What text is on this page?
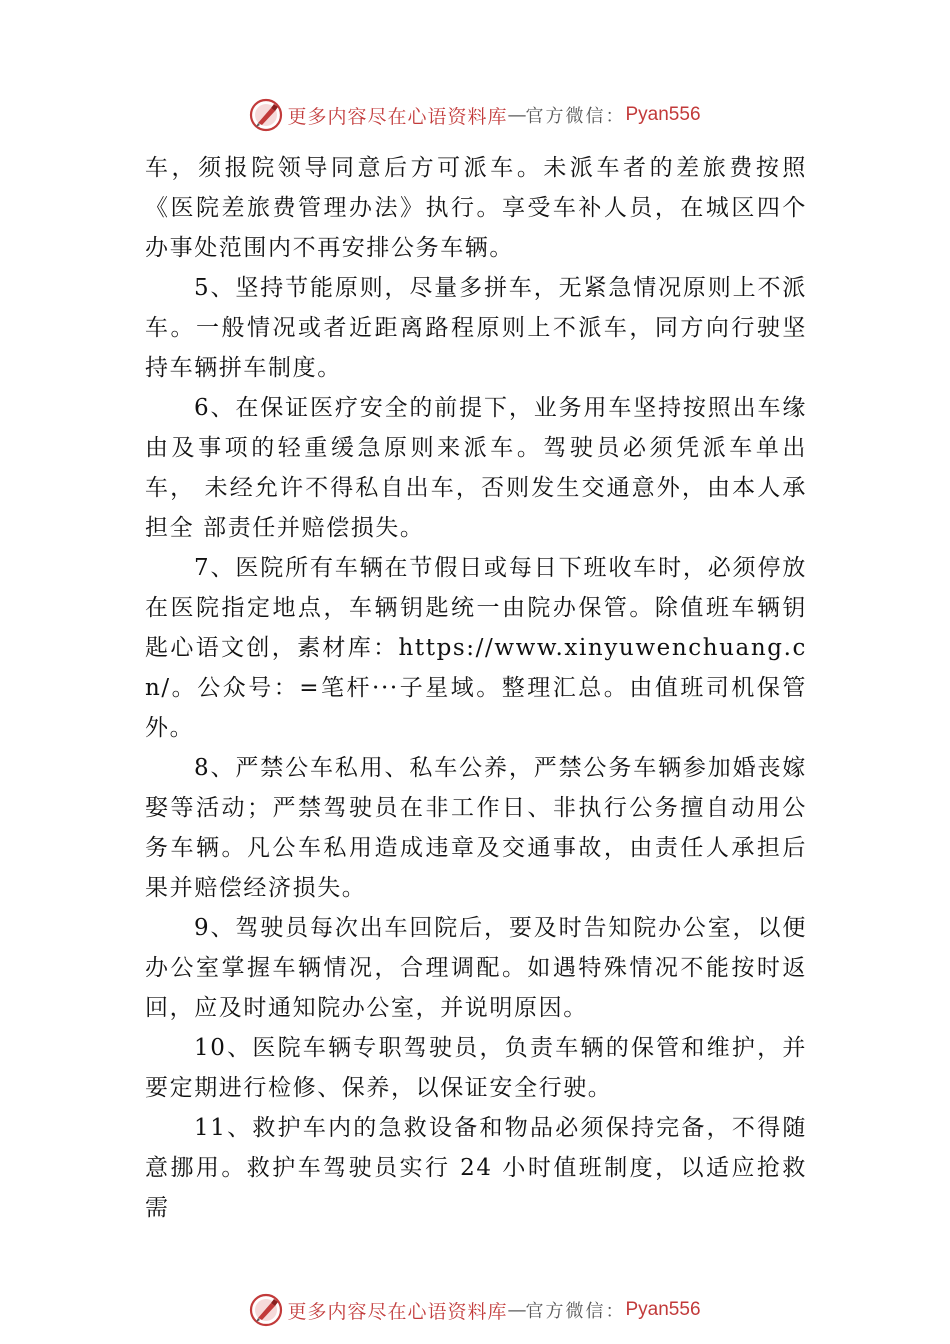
更多内容尽在心语资料库 — 官方微信： Pyan556

车，须报院领导同意后方可派车。未派车者的差旅费按照《医院差旅费管理办法》执行。享受车补人员，在城区四个办事处范围内不再安排公务车辆。

5、坚持节能原则，尽量多拼车，无紧急情况原则上不派车。一般情况或者近距离路程原则上不派车，同方向行驶坚持车辆拼车制度。

6、在保证医疗安全的前提下，业务用车坚持按照出车缘 由及事项的轻重缓急原则来派车。驾驶员必须凭派车单出车， 未经允许不得私自出车，否则发生交通意外，由本人承担全 部责任并赔偿损失。

7、医院所有车辆在节假日或每日下班收车时，必须停放在医院指定地点，车辆钥匙统一由院办保管。除值班车辆钥匙心语文创，素材库：https://www.xinyuwenchuang.cn/。公众号：=笔杆···子星域。整理汇总。由值班司机保管外。

8、严禁公车私用、私车公养，严禁公务车辆参加婚丧嫁娶等活动；严禁驾驶员在非工作日、非执行公务擅自动用公务车辆。凡公车私用造成违章及交通事故，由责任人承担后果并赔偿经济损失。

9、驾驶员每次出车回院后，要及时告知院办公室，以便办公室掌握车辆情况，合理调配。如遇特殊情况不能按时返回，应及时通知院办公室，并说明原因。

10、医院车辆专职驾驶员，负责车辆的保管和维护，并要定期进行检修、保养，以保证安全行驶。

11、救护车内的急救设备和物品必须保持完备，不得随意挪用。救护车驾驶员实行 24 小时值班制度，以适应抢救需

更多内容尽在心语资料库 — 官方微信： Pyan556
